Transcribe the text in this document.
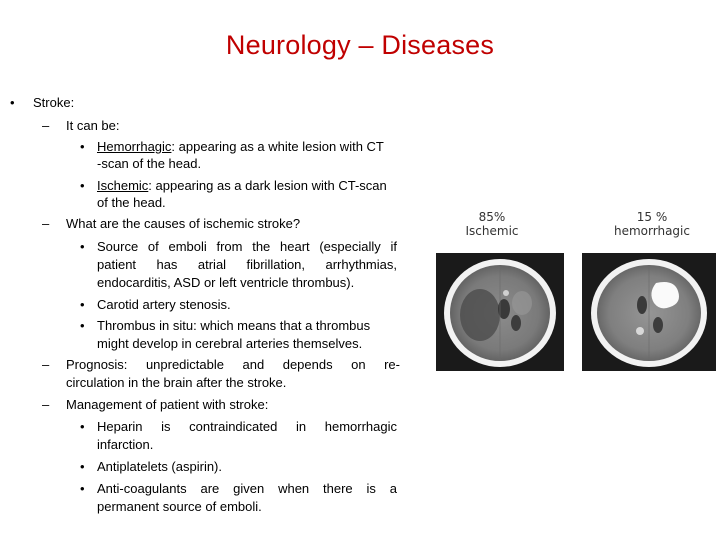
Neurology – Diseases
• Stroke:
– It can be:
• Hemorrhagic: appearing as a white lesion with CT
-scan of the head.
• Ischemic: appearing as a dark lesion with CT-scan
of the head.
– What are the causes of ischemic stroke?
• Source of emboli from the heart (especially if
patient has atrial fibrillation, arrhythmias,
endocarditis, ASD or left ventricle thrombus).
• Carotid artery stenosis.
• Thrombus in situ: which means that a thrombus
might develop in cerebral arteries themselves.
– Prognosis: unpredictable and depends on re-
circulation in the brain after the stroke.
– Management of patient with stroke:
• Heparin is contraindicated in hemorrhagic
infarction.
• Antiplatelets (aspirin).
• Anti-coagulants are given when there is a
permanent source of emboli.
85%
Ischemic
15 %
hemorrhagic
